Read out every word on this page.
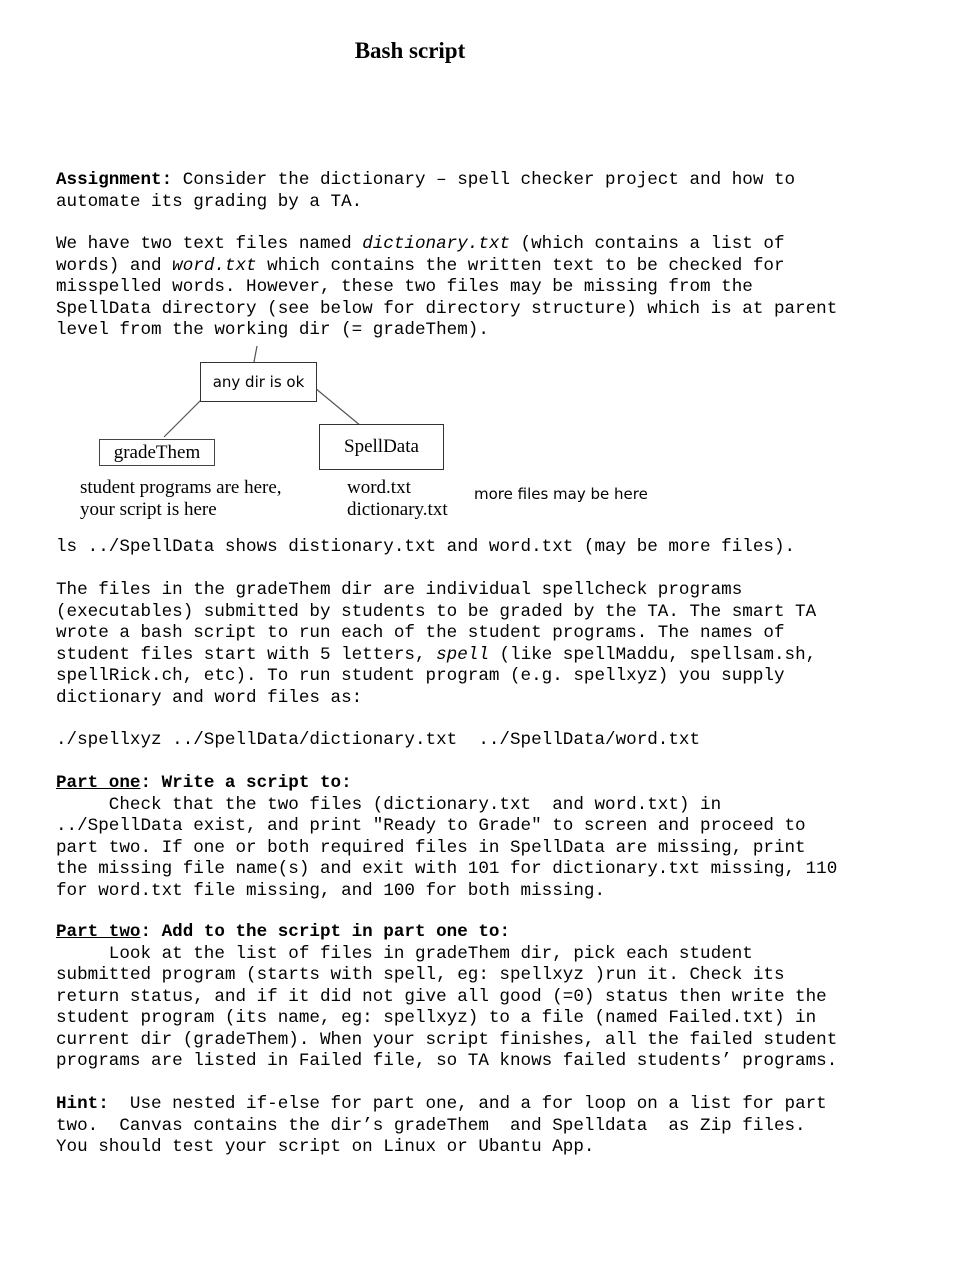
Bash script
Assignment: Consider the dictionary – spell checker project and how to
automate its grading by a TA.
We have two text files named dictionary.txt (which contains a list of
words) and word.txt which contains the written text to be checked for
misspelled words. However, these two files may be missing from the
SpellData directory (see below for directory structure) which is at parent
level from the working dir (= gradeThem).
any dir is ok
gradeThem	SpellData
student programs are here,
your script is here
word.txt
dictionary.txt
more files may be here
ls ../SpellData shows distionary.txt and word.txt (may be more files).
The files in the gradeThem dir are individual spellcheck programs
(executables) submitted by students to be graded by the TA. The smart TA
wrote a bash script to run each of the student programs. The names of
student files start with 5 letters, spell (like spellMaddu, spellsam.sh,
spellRick.ch, etc). To run student program (e.g. spellxyz) you supply
dictionary and word files as:
./spellxyz ../SpellData/dictionary.txt  ../SpellData/word.txt
Part one: Write a script to:
Check that the two files (dictionary.txt  and word.txt) in
../SpellData exist, and print "Ready to Grade" to screen and proceed to
part two. If one or both required files in SpellData are missing, print
the missing file name(s) and exit with 101 for dictionary.txt missing, 110
for word.txt file missing, and 100 for both missing.
Part two: Add to the script in part one to:
Look at the list of files in gradeThem dir, pick each student
submitted program (starts with spell, eg: spellxyz )run it. Check its
return status, and if it did not give all good (=0) status then write the
student program (its name, eg: spellxyz) to a file (named Failed.txt) in
current dir (gradeThem). When your script finishes, all the failed student
programs are listed in Failed file, so TA knows failed students’ programs.
Hint:  Use nested if-else for part one, and a for loop on a list for part
two.  Canvas contains the dir’s gradeThem  and Spelldata  as Zip files.
You should test your script on Linux or Ubantu App.
